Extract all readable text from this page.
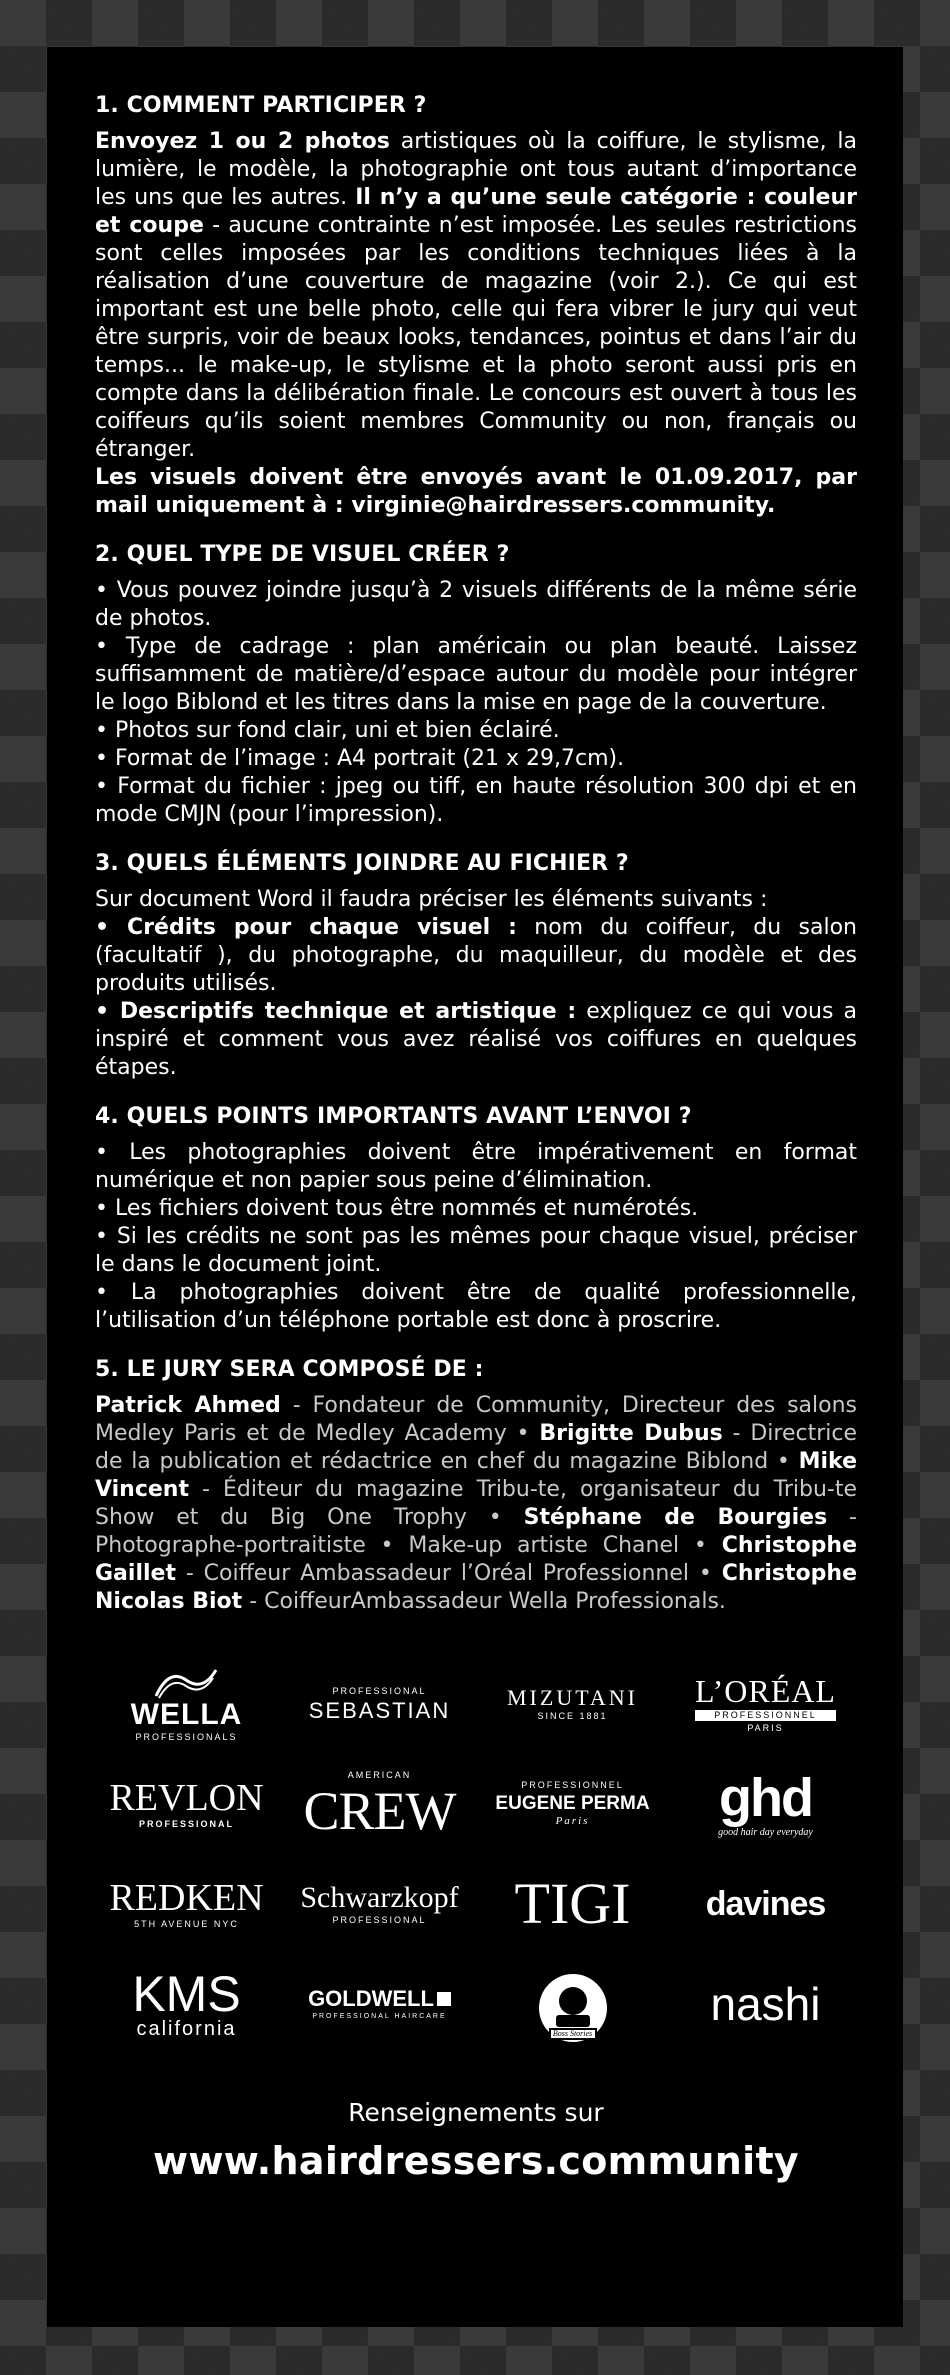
1. COMMENT PARTICIPER ?

Envoyez 1 ou 2 photos artistiques où la coiffure, le stylisme, la lumière, le modèle, la photographie ont tous autant d’importance les uns que les autres. Il n’y a qu’une seule catégorie : couleur et coupe - aucune contrainte n’est imposée. Les seules restrictions sont celles imposées par les conditions techniques liées à la réalisation d’une couverture de magazine (voir 2.). Ce qui est important est une belle photo, celle qui fera vibrer le jury qui veut être surpris, voir de beaux looks, tendances, pointus et dans l’air du temps... le make-up, le stylisme et la photo seront aussi pris en compte dans la délibération finale. Le concours est ouvert à tous les coiffeurs qu’ils soient membres Community ou non, français ou étranger.

Les visuels doivent être envoyés avant le 01.09.2017, par mail uniquement à : virginie@hairdressers.community.

2. QUEL TYPE DE VISUEL CRÉER ?

• Vous pouvez joindre jusqu’à 2 visuels différents de la même série de photos.

• Type de cadrage : plan américain ou plan beauté. Laissez suffisamment de matière/d’espace autour du modèle pour intégrer le logo Biblond et les titres dans la mise en page de la couverture.

• Photos sur fond clair, uni et bien éclairé.

• Format de l’image : A4 portrait (21 x 29,7cm).

• Format du fichier : jpeg ou tiff, en haute résolution 300 dpi et en mode CMJN (pour l’impression).

3. QUELS ÉLÉMENTS JOINDRE AU FICHIER ?

Sur document Word il faudra préciser les éléments suivants :

• Crédits pour chaque visuel : nom du coiffeur, du salon (facultatif ), du photographe, du maquilleur, du modèle et des produits utilisés.

• Descriptifs technique et artistique : expliquez ce qui vous a inspiré et comment vous avez réalisé vos coiffures en quelques étapes.

4. QUELS POINTS IMPORTANTS AVANT L’ENVOI ?

• Les photographies doivent être impérativement en format numérique et non papier sous peine d’élimination.

• Les fichiers doivent tous être nommés et numérotés.

• Si les crédits ne sont pas les mêmes pour chaque visuel, préciser le dans le document joint.

• La photographies doivent être de qualité professionnelle, l’utilisation d’un téléphone portable est donc à proscrire.

5. LE JURY SERA COMPOSÉ DE :

Patrick Ahmed - Fondateur de Community, Directeur des salons Medley Paris et de Medley Academy • Brigitte Dubus - Directrice de la publication et rédactrice en chef du magazine Biblond • Mike Vincent - Éditeur du magazine Tribu-te, organisateur du Tribu-te Show et du Big One Trophy • Stéphane de Bourgies - Photographe-portraitiste • Make-up artiste Chanel • Christophe Gaillet - Coiffeur Ambassadeur l’Oréal Professionnel • Christophe Nicolas Biot - CoiffeurAmbassadeur Wella Professionals.

WELLA
PROFESSIONALS
PROFESSIONAL
SEBASTIAN	MIZUTANI
SINCE 1881
L’ORÉAL
PROFESSIONNEL
PARIS
REVLON
PROFESSIONAL
AMERICAN
CREW	PROFESSIONNEL
EUGENE PERMA
Paris	ghd
good hair day everyday
REDKEN
5TH AVENUE NYC
Schwarzkopf
PROFESSIONAL	TIGI davines
KMS
california
GOLDWELL
PROFESSIONAL HAIRCARE
Boss Stories
nashi
Renseignements sur
www.hairdressers.community
